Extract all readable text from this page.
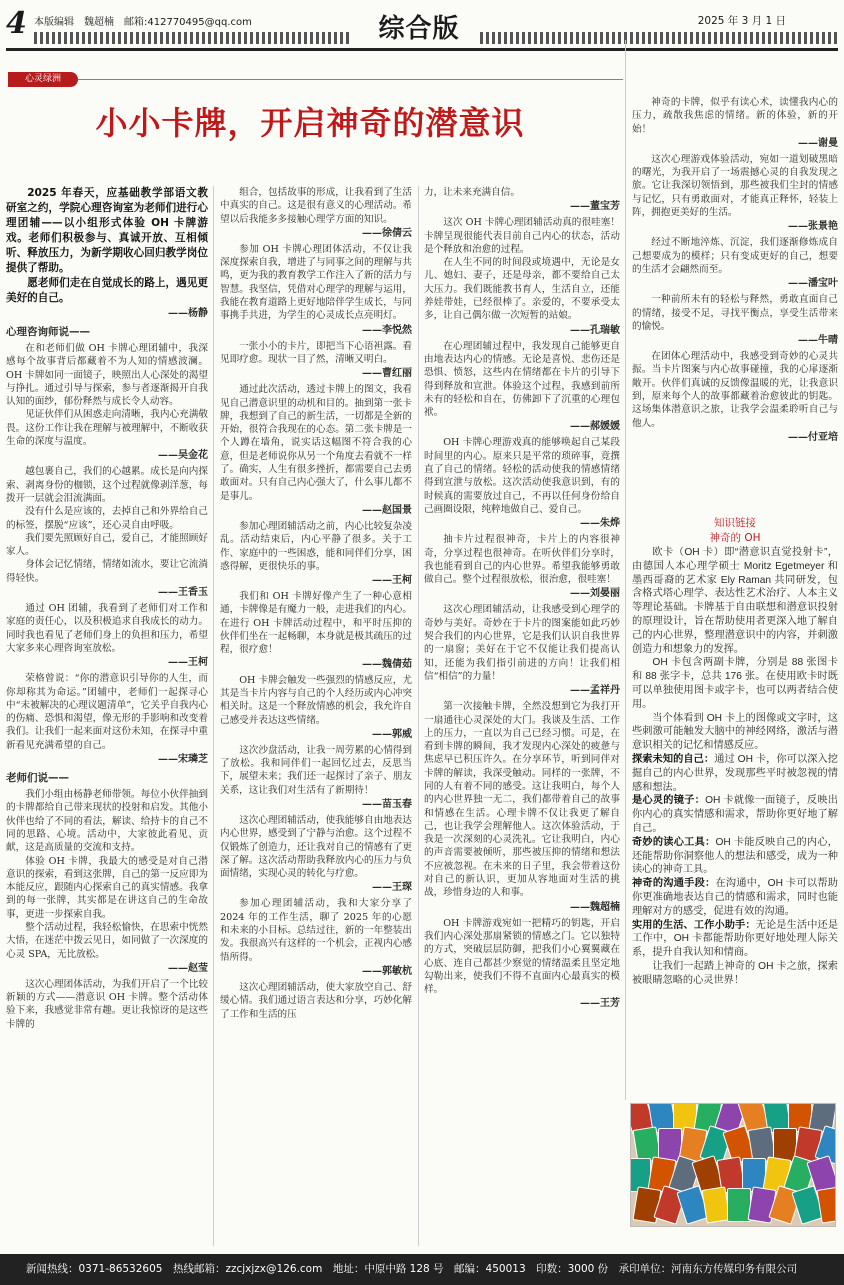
4 本版编辑　魏超楠　邮箱:412770495@qq.com	综合版	2025 年 3 月 1 日
心灵绿洲
小小卡牌，开启神奇的潜意识

2025 年春天，应基础教学部语文教研室之约，学院心理咨询室为老师们进行心理团辅——以小组形式体验 OH 卡牌游戏。老师们积极参与、真诚开放、互相倾听、释放压力，为新学期收心回归教学岗位提供了帮助。

愿老师们走在自觉成长的路上，遇见更美好的自己。

——杨静

心理咨询师说——

在和老师们做 OH 卡牌心理团辅中，我深感每个故事背后都藏着不为人知的情感波澜。OH 卡牌如同一面镜子，映照出人心深处的渴望与挣扎。通过引导与探索，参与者逐渐揭开自我认知的面纱，郁份释然与成长令人动容。

见证伙伴们从困惑走向清晰，我内心充满敬畏。这份工作让我在理解与被理解中，不断收获生命的深度与温度。

——吴金花

越包裹自己，我们的心越累。成长是向内探索、剥离身份的枷锁，这个过程就像剥洋葱，每拨开一层就会泪流满面。

没有什么是应该的，去掉自己和外界给自己的标签，摆脱“应该”，还心灵自由呼吸。

我们要先照顾好自己，爱自己，才能照顾好家人。

身体会记忆情绪，情绪如流水，要让它流淌得轻快。

——王香玉

通过 OH 团辅，我看到了老师们对工作和家庭的责任心，以及积极追求自我成长的动力。同时我也看见了老师们身上的负担和压力，希望大家多来心理咨询室放松。

——王柯

荣格曾说：“你的潜意识引导你的人生，而你却称其为命运。”团辅中，老师们一起探寻心中“未被解决的心理议题清单”，它关乎自我内心的伤痛、恐惧和渴望，像无形的手影响和改变着我们。让我们一起来面对这份未知，在探寻中重新看见充满希望的自己。

——宋璘芝

老师们说——

我们小组由杨静老师带领。每位小伙伴抽到的卡牌都给自己带来现状的投射和启发。其他小伙伴也给了不同的看法，解读、给持卡的自己不同的思路、心境。活动中，大家彼此看见、贡献，这是高质量的交流和支持。

体验 OH 卡牌，我最大的感受是对自己潜意识的探索，看到这张牌，自己的第一反应即为本能反应，跟随内心探索自己的真实情感。我拿到的每一张牌，其实都是在讲这自己的生命故事，更进一步探索自我。

整个活动过程，我轻松愉快，在思索中恍然大悟，在迷茫中拨云见日，如同做了一次深度的心灵 SPA，无比放松。

——赵莹

这次心理团体活动，为我们开启了一个比较新颖的方式——潜意识 OH 卡牌。整个活动体验下来，我感觉非常有趣。更让我惊讶的是这些卡牌的

组合，包括故事的形成，让我看到了生活中真实的自己。这是很有意义的心理活动。希望以后我能多多接触心理学方面的知识。

——徐倩云

参加 OH 卡牌心理团体活动，不仅让我深度探索自我，增进了与同事之间的理解与共鸣，更为我的教育教学工作注入了新的活力与智慧。我坚信，凭借对心理学的理解与运用，我能在教育道路上更好地陪伴学生成长，与同事携手共进，为学生的心灵成长点亮明灯。

——李悦然

一张小小的卡片，即把当下心语袒露。看见即疗愈。现状一目了然，清晰又明白。

——曹红丽

通过此次活动，透过卡牌上的图文，我看见自己潜意识里的动机和目的。抽到第一张卡牌，我想到了自己的新生活，一切都是全新的开始，很符合我现在的心态。第二张卡牌是一个人蹲在墙角，说实话这幅图不符合我的心意，但是老师说你从另一个角度去看就不一样了。确实，人生有很多挫折，都需要自己去勇敢面对。只有自己内心强大了，什么事儿都不是事儿。

——赵国景

参加心理团辅活动之前，内心比较复杂凌乱。活动结束后，内心平静了很多。关于工作、家庭中的一些困惑，能和同伴们分享，困惑得解，更很快乐的事。

——王柯

我们和 OH 卡牌好像产生了一种心意相通，卡牌像是有魔力一般，走进我们的内心。在进行 OH 卡牌活动过程中，和平时压抑的伙伴们坐在一起畅聊，本身就是极其疏压的过程，很疗愈！

——魏倩茹

OH 卡牌会触发一些强烈的情感反应，尤其是当卡片内容与自己的个人经历或内心冲突相关时。这是一个释放情感的机会，我允许自己感受并表达这些情绪。

——郭威

这次沙盘活动，让我一周劳累的心情得到了放松。我和同伴们一起回忆过去，反思当下，展望未来；我们还一起探讨了亲子、朋友关系，这让我们对生活有了新期待！

——苗玉春

这次心理团辅活动，使我能够自由地表达内心世界，感受到了宁静与治愈。这个过程不仅锻炼了创造力，还让我对自己的情感有了更深了解。这次活动帮助我释放内心的压力与负面情绪，实现心灵的转化与疗愈。

——王琛

参加心理团辅活动，我和大家分享了 2024 年的工作生活，聊了 2025 年的心愿和未来的小目标。总结过往，新的一年整装出发。我很高兴有这样的一个机会，正视内心感悟所得。

——郭敏杭

这次心理团辅活动，使大家放空自己、舒缓心情。我们通过语言表达和分享，巧妙化解了工作和生活的压

力，让未来充满自信。

——董宝芳

这次 OH 卡牌心理团辅活动真的很哇塞！卡牌呈现很能代表目前自己内心的状态，活动是个释放和治愈的过程。

在人生不同的时间段或境遇中，无论是女儿、媳妇、妻子，还是母亲，都不要给自己太大压力。我们既能教书育人，生活自立，还能养娃带娃，已经很棒了。亲爱的，不要承受太多，让自己偶尔做一次短暂的站娘。

——孔瑞敏

在心理团辅过程中，我发现自己能够更自由地表达内心的情感。无论是喜悦、悲伤还是恐惧、愤怒，这些内在情绪都在卡片的引导下得到释放和宣泄。体验这个过程，我感到前所未有的轻松和自在，仿佛卸下了沉重的心理包袱。

——郝媛媛

OH 卡牌心理游戏真的能够唤起自己某段时间里的内心。原来只是平常的琐碎事，竟撰直了自己的情绪。轻松的活动使我的情感情绪得到宣泄与放松。这次活动使我意识到，有的时候真的需要放过自己，不再以任何身份给自己画圈设限，纯粹地做自己、爱自己。

——朱烨

抽卡片过程很神奇，卡片上的内容很神奇，分享过程也很神奇。在听伙伴们分享时，我也能看到自己的内心世界。希望我能够勇敢做自己。整个过程很放松，很治愈，很哇塞！

——刘晏丽

这次心理团辅活动，让我感受到心理学的奇妙与美好。奇妙在于卡片的图案能如此巧妙契合我们的内心世界，它是我们认识自我世界的一扇窗；美好在于它不仅能让我们提高认知，还能为我们指引前进的方向！让我们相信“相信”的力量！

——孟祥丹

第一次接触卡牌，全然没想到它为我打开一扇通往心灵深处的大门。我谈及生活、工作上的压力，一直以为自己已经习惯。可是，在看到卡牌的瞬间，我才发现内心深处的疲惫与焦虑早已积压许久。在分享环节，听到同伴对卡牌的解读，我深受触动。同样的一张牌，不同的人有着不同的感受。这让我明白，每个人的内心世界独一无二，我们都带着自己的故事和情感在生活。心理卡牌不仅让我更了解自己，也让我学会理解他人。这次体验活动，于我是一次深刻的心灵洗礼。它让我明白，内心的声音需要被倾听，那些被压抑的情绪和想法不应被忽视。在未来的日子里，我会带着这份对自己的新认识，更加从容地面对生活的挑战，珍惜身边的人和事。

——魏超楠

OH 卡牌游戏宛如一把精巧的钥匙，开启我们内心深处那扇紧锁的情感之门。它以独特的方式，突破层层防御，把我们小心翼翼藏在心底、连自己都甚少察觉的情绪温柔且坚定地勾勒出来，使我们不得不直面内心最真实的模样。

——王芳

神奇的卡牌，似乎有读心术，读懂我内心的压力，疏散我焦虑的情绪。新的体验，新的开始！

——谢曼

这次心理游戏体验活动，宛如一道划破黑暗的曙光，为我开启了一场震撼心灵的自我发现之旅。它让我深切领悟到，那些被我们尘封的情感与记忆，只有勇敢面对，才能真正释怀，轻装上阵，拥抱更美好的生活。

——张景艳

经过不断地淬炼、沉淀，我们逐渐修炼成自己想要成为的模样；只有变成更好的自己，想要的生活才会翩然而至。

——潘宝叶

一种前所未有的轻松与释然，勇敢直面自己的情绪，接受不足，寻找平衡点，享受生活带来的愉悦。

——牛晴

在团体心理活动中，我感受到奇妙的心灵共振。当卡片图案与内心故事碰撞，我的心扉逐渐敞开。伙伴们真诚的反馈像温暖的光，让我意识到，原来每个人的故事都藏着治愈彼此的钥匙。这场集体潜意识之旅，让我学会温柔聆听自己与他人。

——付亚培

知识链接
神奇的 OH

欧卡（OH 卡）即“潜意识直觉投射卡”，由德国人本心理学硕士 Moritz Egetmeyer 和墨西哥裔的艺术家 Ely Raman 共同研发，包含格式塔心理学、表达性艺术治疗、人本主义等理论基础。卡牌基于自由联想和潜意识投射的原理设计，旨在帮助使用者更深入地了解自己的内心世界，整理潜意识中的内容，并刺激创造力和想象力的发挥。

OH 卡包含两副卡牌，分别是 88 张图卡和 88 张字卡，总共 176 张。在使用欧卡时既可以单独使用图卡或字卡，也可以两者结合使用。

当个体看到 OH 卡上的图像或文字时，这些刺激可能触发大脑中的神经网络，激活与潜意识相关的记忆和情感反应。

探索未知的自己：通过 OH 卡，你可以深入挖掘自己的内心世界，发现那些平时被忽视的情感和想法。

是心灵的镜子：OH 卡就像一面镜子，反映出你内心的真实情感和需求，帮助你更好地了解自己。

奇妙的读心工具：OH 卡能反映自己的内心，还能帮助你洞察他人的想法和感受，成为一种读心的神奇工具。

神奇的沟通手段：在沟通中，OH 卡可以帮助你更准确地表达自己的情感和需求，同时也能理解对方的感受，促进有效的沟通。

实用的生活、工作小助手：无论是生活中还是工作中，OH 卡都能帮助你更好地处理人际关系，提升自我认知和情商。

让我们一起踏上神奇的 OH 卡之旅，探索被眼睛忽略的心灵世界！

新闻热线：0371-86532605　热线邮箱：zzcjxjzx@126.com　地址：中原中路 128 号　邮编：450013　印数：3000 份　承印单位：河南东方传媒印务有限公司
